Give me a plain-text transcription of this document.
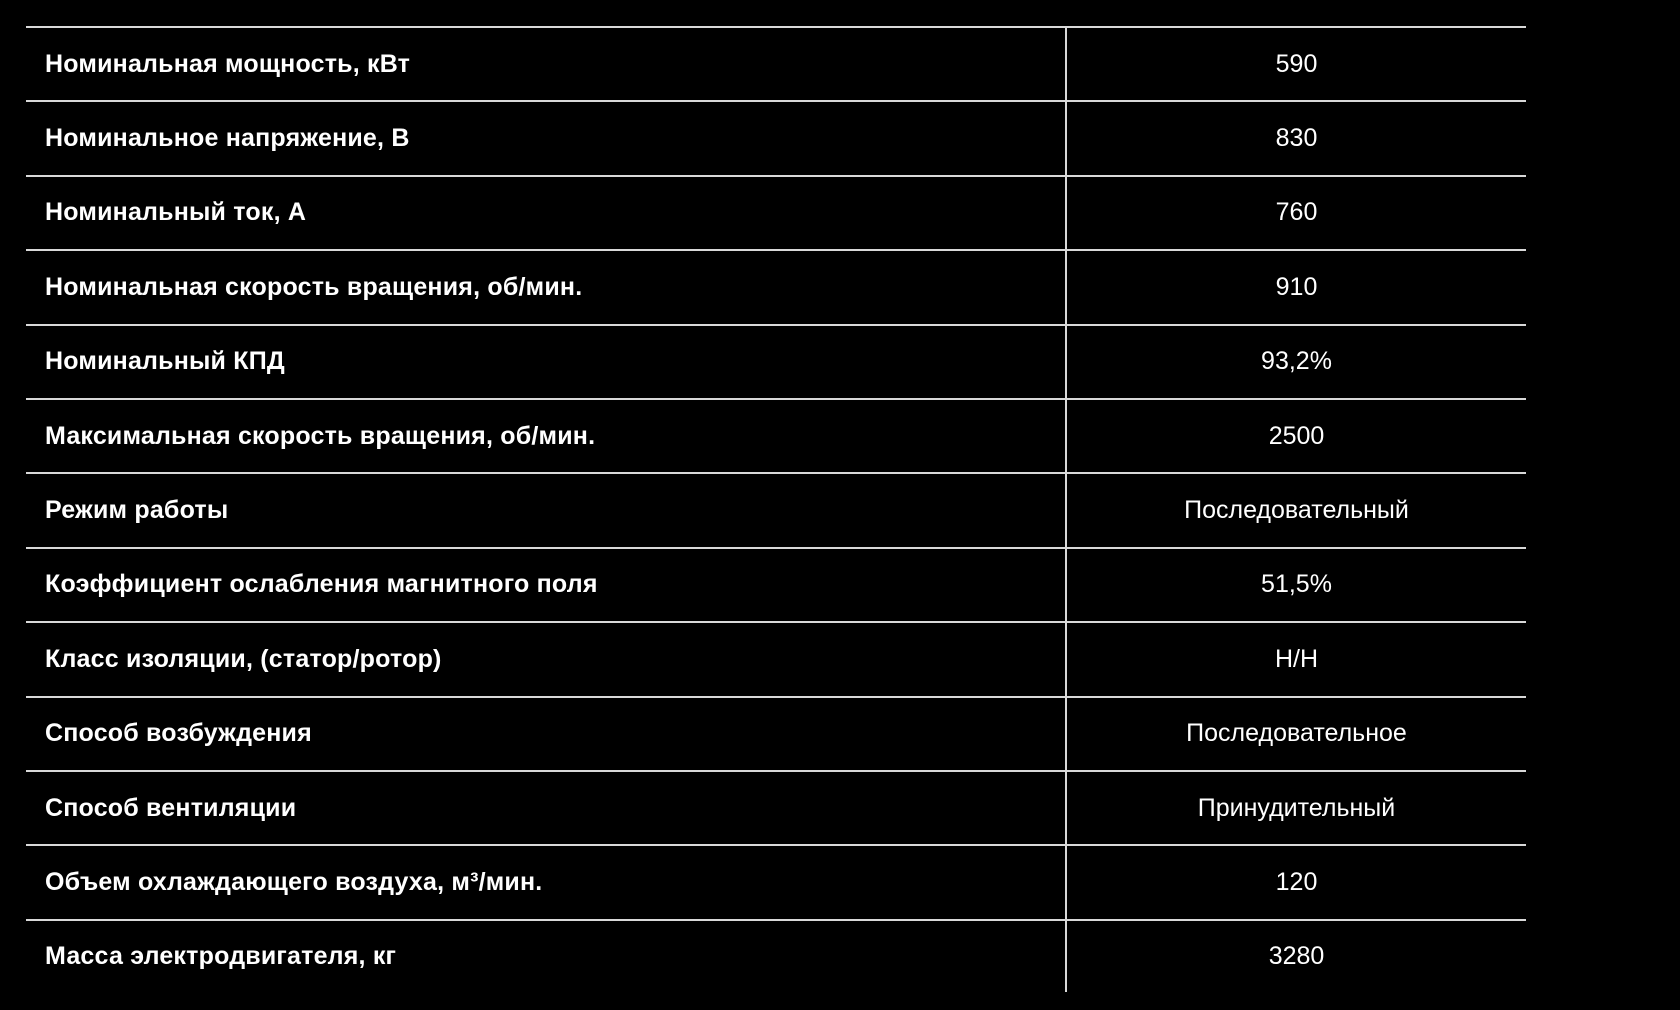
Номинальная мощность, кВт	590
Номинальное напряжение, В	830
Номинальный ток, А	760
Номинальная скорость вращения, об/мин.	910
Номинальный КПД	93,2%
Максимальная скорость вращения, об/мин.	2500
Режим работы	Последовательный
Коэффициент ослабления магнитного поля	51,5%
Класс изоляции, (статор/ротор)	H/H
Способ возбуждения	Последовательное
Способ вентиляции	Принудительный
Объем охлаждающего воздуха, м³/мин.	120
Масса электродвигателя, кг	3280
